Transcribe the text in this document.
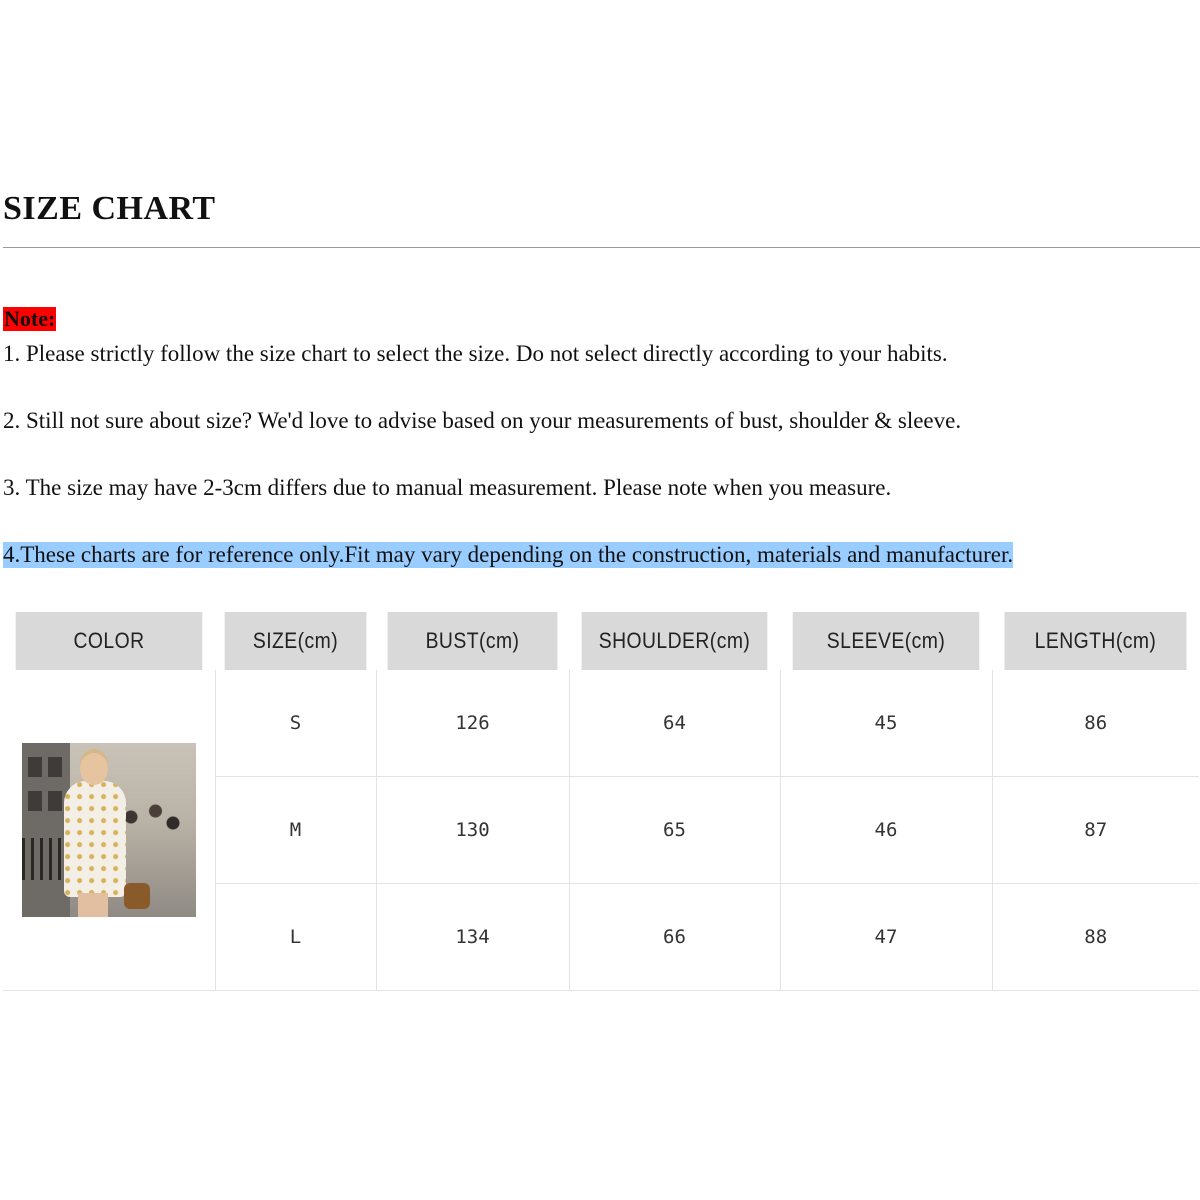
SIZE CHART
Note:
1. Please strictly follow the size chart to select the size. Do not select directly according to your habits.
2. Still not sure about size? We'd love to advise based on your measurements of bust, shoulder & sleeve.
3. The size may have 2-3cm differs due to manual measurement. Please note when you measure.
4.These charts are for reference only.Fit may vary depending on the construction, materials and manufacturer.
COLOR	SIZE(cm)	BUST(cm)	SHOULDER(cm)	SLEEVE(cm)	LENGTH(cm)

	S	126	64	45	86
	M	130	65	46	87
	L	134	66	47	88
